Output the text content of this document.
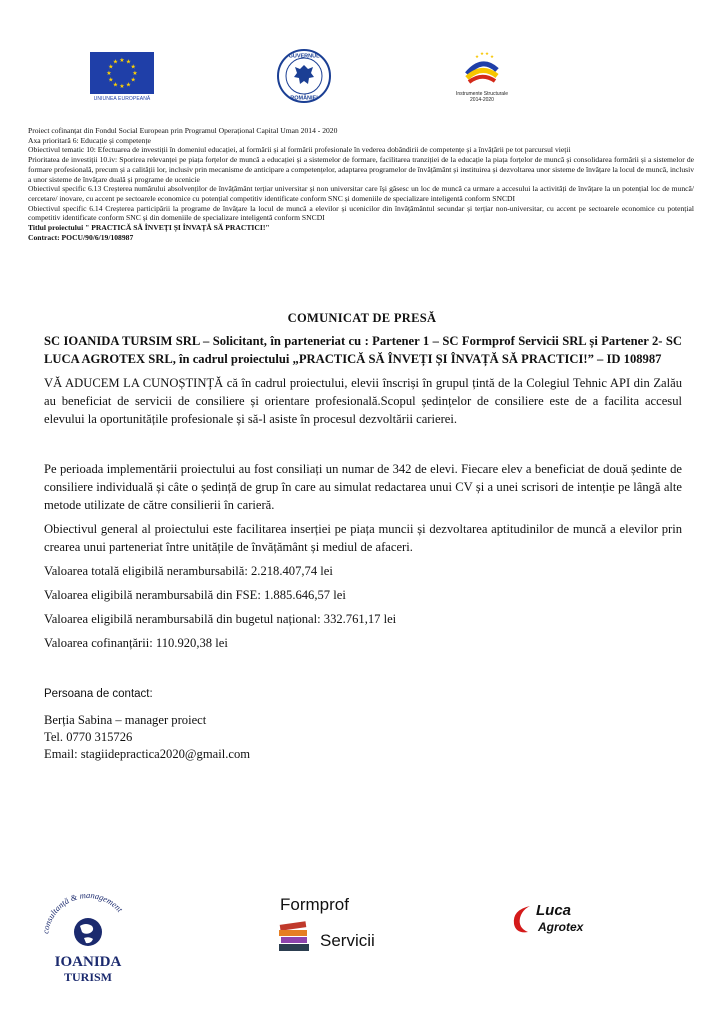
★ ★
★
★
★
★
★
★
★
★
★
★
UNIUNEA EUROPEANĂ
GUVERNUL
ROMÂNIEI
★
★ ★
★
Instrumente Structurale
2014-2020

Proiect cofinanțat din Fondul Social European prin Programul Operațional Capital Uman 2014 - 2020

Axa prioritară 6: Educație și competențe

Obiectivul tematic 10: Efectuarea de investiții în domeniul educației, al formării și al formării profesionale în vederea dobândirii de competențe și a învățării pe tot parcursul vieții

Prioritatea de investiții 10.iv: Sporirea relevanței pe piața forțelor de muncă a educației și a sistemelor de formare, facilitarea tranziției de la educație la piața forțelor de muncă și consolidarea formării și a sistemelor de formare profesională, precum și a calității lor, inclusiv prin mecanisme de anticipare a competențelor, adaptarea programelor de învățământ și instituirea și dezvoltarea unor sisteme de învățare la locul de muncă, inclusiv a unor sisteme de învățare duală și programe de ucenicie

Obiectivul specific 6.13 Creșterea numărului absolvenților de învățământ terțiar universitar și non universitar care își găsesc un loc de muncă ca urmare a accesului la activități de învățare la un potențial loc de muncă/ cercetare/ inovare, cu accent pe sectoarele economice cu potențial competitiv identificate conform SNC și domeniile de specializare inteligentă conform SNCDI

Obiectivul specific 6.14 Creșterea participării la programe de învățare la locul de muncă a elevilor și ucenicilor din învățământul secundar și terțiar non-universitar, cu accent pe sectoarele economice cu potențial competitiv identificate conform SNC și din domeniile de specializare inteligentă conform SNCDI

Titlul proiectului " PRACTICĂ SĂ ÎNVEȚI ȘI ÎNVAȚĂ SĂ PRACTICI!"

Contract: POCU/90/6/19/108987

COMUNICAT DE PRESĂ
SC IOANIDA TURSIM SRL – Solicitant, în parteneriat cu : Partener 1 – SC Formprof Servicii SRL și Partener 2- SC LUCA AGROTEX SRL, în cadrul proiectului „PRACTICĂ SĂ ÎNVEȚI ȘI ÎNVAȚĂ SĂ PRACTICI!” – ID 108987

VĂ ADUCEM LA CUNOȘTINȚĂ că în cadrul proiectului, elevii înscriși în grupul țintă de la Colegiul Tehnic API din Zalău au beneficiat de servicii de consiliere și orientare profesională.Scopul ședințelor de consiliere este de a facilita accesul elevului la oportunitățile profesionale și să-l asiste în procesul dezvoltării carierei.

Pe perioada implementării proiectului au fost consiliați un numar de 342 de elevi. Fiecare elev a beneficiat de două ședinte de consiliere individuală și câte o ședință de grup în care au simulat redactarea unui CV și a unei scrisori de intenție pe lângă alte metode utilizate de către consilierii în carieră.

Obiectivul general al proiectului este facilitarea inserției pe piața muncii și dezvoltarea aptitudinilor de muncă a elevilor prin crearea unui parteneriat între unitățile de învățământ și mediul de afaceri.

Valoarea totală eligibilă nerambursabilă: 2.218.407,74 lei

Valoarea eligibilă nerambursabilă din FSE: 1.885.646,57 lei

Valoarea eligibilă nerambursabilă din bugetul național: 332.761,17 lei

Valoarea cofinanțării: 110.920,38 lei

Persoana de contact:

Berția Sabina – manager proiect

Tel. 0770 315726

Email: stagiidepractica2020@gmail.com

consultanță & management
IOANIDA
TURISM
Formprof
Servicii
Luca
Agrotex
